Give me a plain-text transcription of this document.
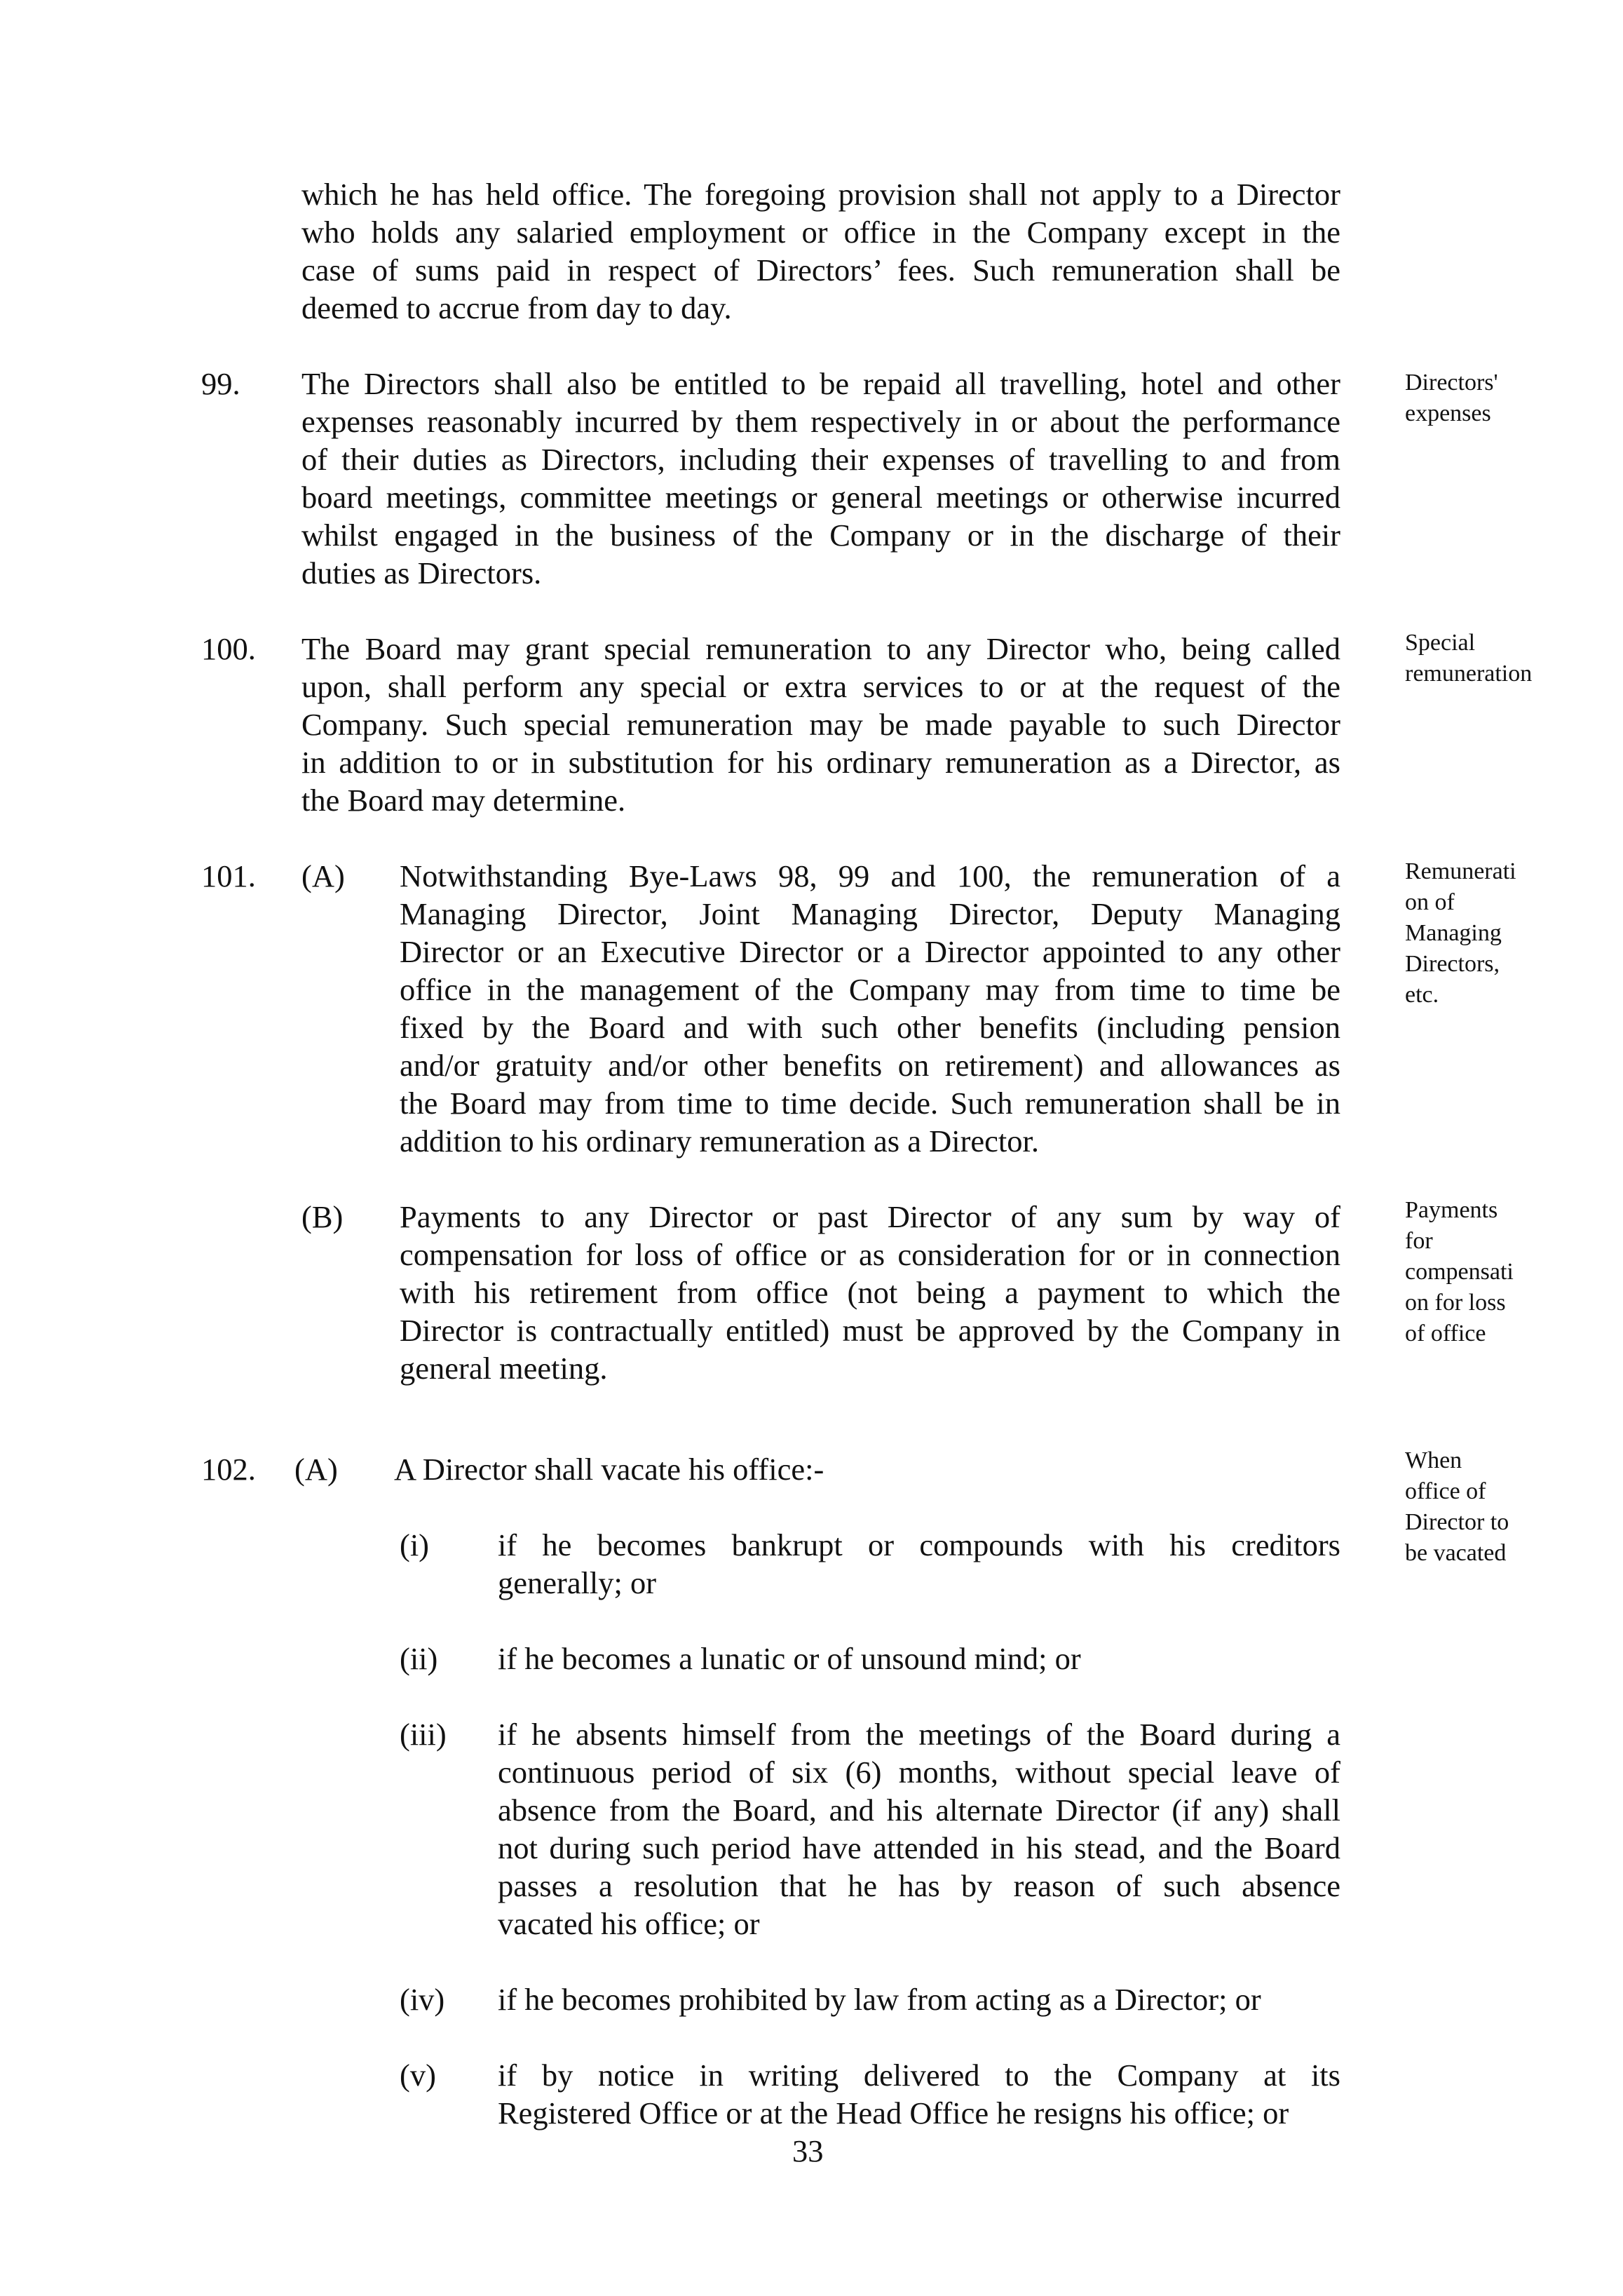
which he has held office. The foregoing provision shall not apply to a Director
who holds any salaried employment or office in the Company except in the
case of sums paid in respect of Directors’ fees. Such remuneration shall be
deemed to accrue from day to day.
99. The Directors shall also be entitled to be repaid all travelling, hotel and other
expenses reasonably incurred by them respectively in or about the performance
of their duties as Directors, including their expenses of travelling to and from
board meetings, committee meetings or general meetings or otherwise incurred
whilst engaged in the business of the Company or in the discharge of their
duties as Directors.
Directors'
expenses
100. The Board may grant special remuneration to any Director who, being called
upon, shall perform any special or extra services to or at the request of the
Company. Such special remuneration may be made payable to such Director
in addition to or in substitution for his ordinary remuneration as a Director, as
the Board may determine.
Special
remuneration
101. (A) Notwithstanding Bye-Laws 98, 99 and 100, the remuneration of a
Managing Director, Joint Managing Director, Deputy Managing
Director or an Executive Director or a Director appointed to any other
office in the management of the Company may from time to time be
fixed by the Board and with such other benefits (including pension
and/or gratuity and/or other benefits on retirement) and allowances as
the Board may from time to time decide. Such remuneration shall be in
addition to his ordinary remuneration as a Director.
Remunerati
on of
Managing
Directors,
etc.
(B) Payments to any Director or past Director of any sum by way of
compensation for loss of office or as consideration for or in connection
with his retirement from office (not being a payment to which the
Director is contractually entitled) must be approved by the Company in
general meeting.
Payments
for
compensati
on for loss
of office
102. (A) A Director shall vacate his office:-	When
office of
Director to
be vacated
(i) if he becomes bankrupt or compounds with his creditors
generally; or
(ii) if he becomes a lunatic or of unsound mind; or
(iii) if he absents himself from the meetings of the Board during a
continuous period of six (6) months, without special leave of
absence from the Board, and his alternate Director (if any) shall
not during such period have attended in his stead, and the Board
passes a resolution that he has by reason of such absence
vacated his office; or
(iv) if he becomes prohibited by law from acting as a Director; or
(v) if by notice in writing delivered to the Company at its
Registered Office or at the Head Office he resigns his office; or
33
